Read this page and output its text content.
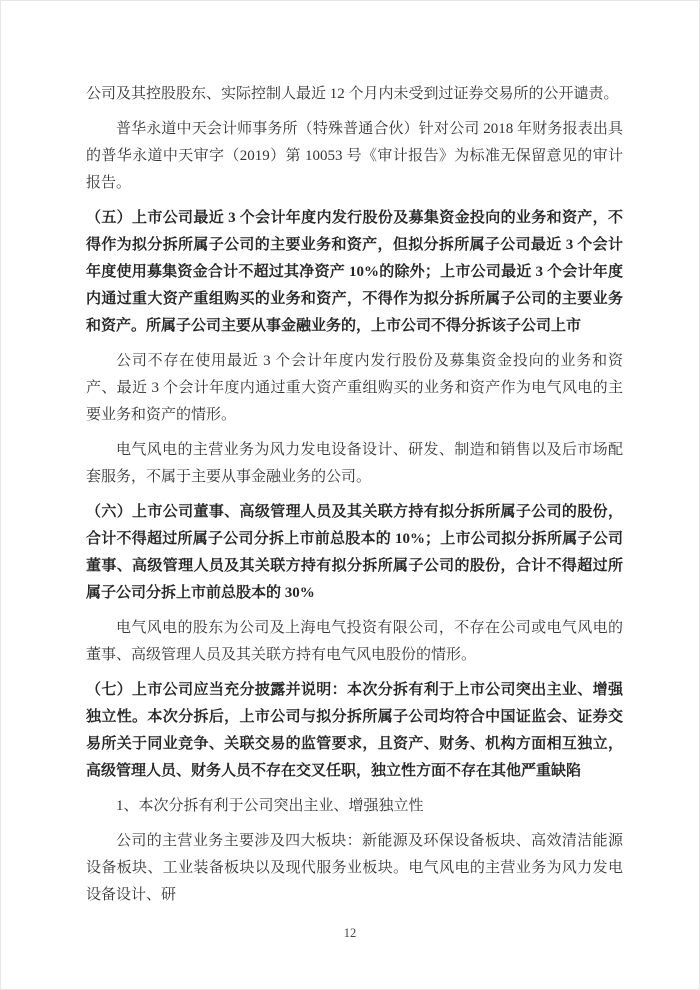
公司及其控股股东、实际控制人最近 12 个月内未受到过证券交易所的公开谴责。

普华永道中天会计师事务所（特殊普通合伙）针对公司 2018 年财务报表出具的普华永道中天审字（2019）第 10053 号《审计报告》为标准无保留意见的审计报告。

（五）上市公司最近 3 个会计年度内发行股份及募集资金投向的业务和资产，不得作为拟分拆所属子公司的主要业务和资产，但拟分拆所属子公司最近 3 个会计年度使用募集资金合计不超过其净资产 10%的除外；上市公司最近 3 个会计年度内通过重大资产重组购买的业务和资产，不得作为拟分拆所属子公司的主要业务和资产。所属子公司主要从事金融业务的，上市公司不得分拆该子公司上市

公司不存在使用最近 3 个会计年度内发行股份及募集资金投向的业务和资产、最近 3 个会计年度内通过重大资产重组购买的业务和资产作为电气风电的主要业务和资产的情形。

电气风电的主营业务为风力发电设备设计、研发、制造和销售以及后市场配套服务，不属于主要从事金融业务的公司。

（六）上市公司董事、高级管理人员及其关联方持有拟分拆所属子公司的股份，合计不得超过所属子公司分拆上市前总股本的 10%；上市公司拟分拆所属子公司董事、高级管理人员及其关联方持有拟分拆所属子公司的股份，合计不得超过所属子公司分拆上市前总股本的 30%

电气风电的股东为公司及上海电气投资有限公司，不存在公司或电气风电的董事、高级管理人员及其关联方持有电气风电股份的情形。

（七）上市公司应当充分披露并说明：本次分拆有利于上市公司突出主业、增强独立性。本次分拆后，上市公司与拟分拆所属子公司均符合中国证监会、证券交易所关于同业竞争、关联交易的监管要求，且资产、财务、机构方面相互独立，高级管理人员、财务人员不存在交叉任职，独立性方面不存在其他严重缺陷

1、本次分拆有利于公司突出主业、增强独立性

公司的主营业务主要涉及四大板块：新能源及环保设备板块、高效清洁能源设备板块、工业装备板块以及现代服务业板块。电气风电的主营业务为风力发电设备设计、研

12
